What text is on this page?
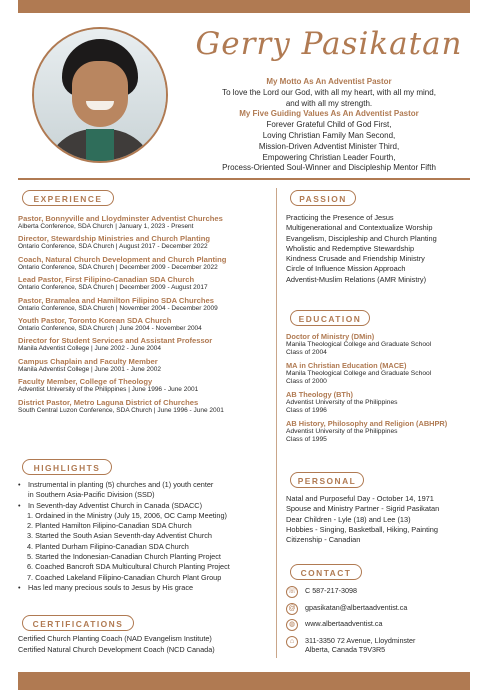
Gerry Pasikatan
My Motto As An Adventist Pastor
To love the Lord our God, with all my heart, with all my mind,
and with all my strength.
My Five Guiding Values As An Adventist Pastor
Forever Grateful Child of God First,
Loving Christian Family Man Second,
Mission-Driven Adventist Minister Third,
Empowering Christian Leader Fourth,
Process-Oriented Soul-Winner and Discipleship Mentor Fifth
EXPERIENCE
Pastor, Bonnyville and Lloydminster Adventist Churches
Alberta Conference, SDA Church | January 1, 2023 - Present
Director, Stewardship Ministries and Church Planting
Ontario Conference, SDA Church | August 2017 - December 2022
Coach, Natural Church Development and Church Planting
Ontario Conference, SDA Church | December 2009 - December 2022
Lead Pastor, First Filipino-Canadian SDA Church
Ontario Conference, SDA Church | December 2009 - August 2017
Pastor, Bramalea and Hamilton Filipino SDA Churches
Ontario Conference, SDA Church | November 2004 - December 2009
Youth Pastor, Toronto Korean SDA Church
Ontario Conference, SDA Church | June 2004 - November 2004
Director for Student Services and Assistant Professor
Manila Adventist College | June 2002 - June 2004
Campus Chaplain and Faculty Member
Manila Adventist College | June 2001 - June 2002
Faculty Member, College of Theology
Adventist University of the Philippines | June 1996 - June 2001
District Pastor, Metro Laguna District of Churches
South Central Luzon Conference, SDA Church | June 1996 - June 2001
HIGHLIGHTS
•	Instrumental in planting (5) churches and (1) youth center
in Southern Asia-Pacific Division (SSD)
•	In Seventh-day Adventist Church in Canada (SDACC)
1. Ordained in the Ministry (July 15, 2006, OC Camp Meeting)
2. Planted Hamilton Filipino-Canadian SDA Church
3. Started the South Asian Seventh-day Adventist Church
4. Planted Durham Filipino-Canadian SDA Church
5. Started the Indonesian-Canadian Church Planting Project
6. Coached Bancroft SDA Multicultural Church Planting Project
7. Coached Lakeland Filipino-Canadian Church Plant Group
•	Has led many precious souls to Jesus by His grace
CERTIFICATIONS
Certified Church Planting Coach (NAD Evangelism Institute)
Certified Natural Church Development Coach (NCD Canada)
PASSION
Practicing the Presence of Jesus
Multigenerational and Contextualize Worship
Evangelism, Discipleship and Church Planting
Wholistic and Redemptive Stewardship
Kindness Crusade and Friendship Ministry
Circle of Influence Mission Approach
Adventist-Muslim Relations (AMR Ministry)
EDUCATION
Doctor of Ministry (DMin)
Manila Theological College and Graduate School
Class of 2004
MA in Christian Education (MACE)
Manila Theological College and Graduate School
Class of 2000
AB Theology (BTh)
Adventist University of the Philippines
Class of 1996
AB History, Philosophy and Religion (ABHPR)
Adventist University of the Philippines
Class of 1995
PERSONAL
Natal and Purposeful Day - October 14, 1971
Spouse and Ministry Partner - Sigrid Pasikatan
Dear Children - Lyle (18) and Lee (13)
Hobbies - Singing, Basketball, Hiking, Painting
Citizenship - Canadian
CONTACT
☏ C 587-217-3098
@	gpasikatan@albertaadventist.ca
◍	www.albertaadventist.ca
⌂	311-3350 72 Avenue, Lloydminster
Alberta, Canada T9V3R5
